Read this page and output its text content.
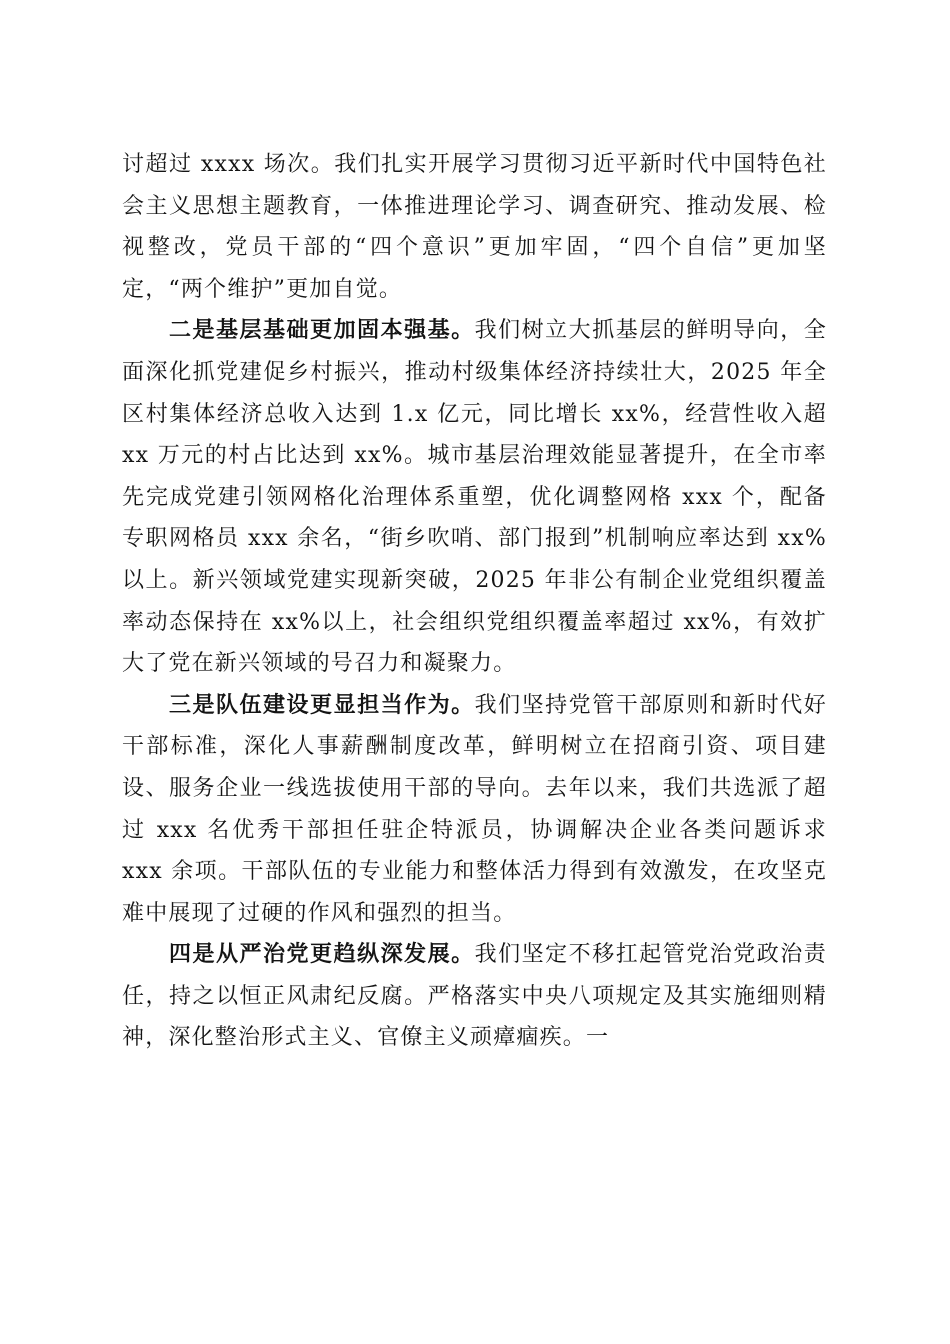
讨超过 xxxx 场次。我们扎实开展学习贯彻习近平新时代中国特色社会主义思想主题教育，一体推进理论学习、调查研究、推动发展、检视整改，党员干部的“四个意识”更加牢固，“四个自信”更加坚定，“两个维护”更加自觉。

二是基层基础更加固本强基。我们树立大抓基层的鲜明导向，全面深化抓党建促乡村振兴，推动村级集体经济持续壮大，2025 年全区村集体经济总收入达到 1.x 亿元，同比增长 xx%，经营性收入超 xx 万元的村占比达到 xx%。城市基层治理效能显著提升，在全市率先完成党建引领网格化治理体系重塑，优化调整网格 xxx 个，配备专职网格员 xxx 余名，“街乡吹哨、部门报到”机制响应率达到 xx%以上。新兴领域党建实现新突破，2025 年非公有制企业党组织覆盖率动态保持在 xx%以上，社会组织党组织覆盖率超过 xx%，有效扩大了党在新兴领域的号召力和凝聚力。

三是队伍建设更显担当作为。我们坚持党管干部原则和新时代好干部标准，深化人事薪酬制度改革，鲜明树立在招商引资、项目建设、服务企业一线选拔使用干部的导向。去年以来，我们共选派了超过 xxx 名优秀干部担任驻企特派员，协调解决企业各类问题诉求 xxx 余项。干部队伍的专业能力和整体活力得到有效激发，在攻坚克难中展现了过硬的作风和强烈的担当。

四是从严治党更趋纵深发展。我们坚定不移扛起管党治党政治责任，持之以恒正风肃纪反腐。严格落实中央八项规定及其实施细则精神，深化整治形式主义、官僚主义顽瘴痼疾。一
